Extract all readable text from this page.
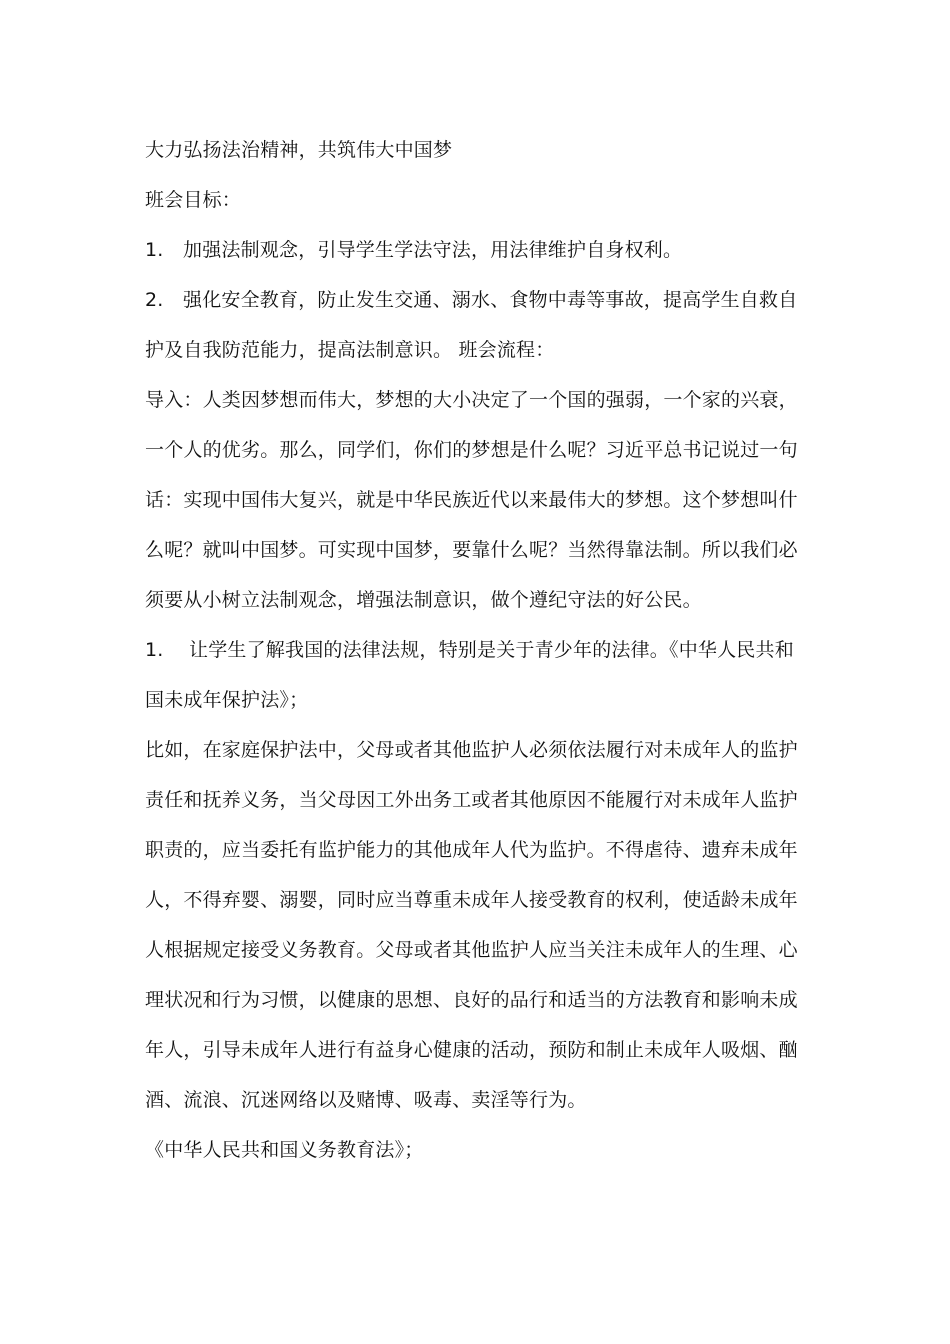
大力弘扬法治精神，共筑伟大中国梦
班会目标：
1. 加强法制观念，引导学生学法守法，用法律维护自身权利。
2. 强化安全教育，防止发生交通、溺水、食物中毒等事故，提高学生自救自
护及自我防范能力，提高法制意识。 班会流程：
导入：人类因梦想而伟大，梦想的大小决定了一个国的强弱，一个家的兴衰，
一个人的优劣。那么，同学们，你们的梦想是什么呢？习近平总书记说过一句
话：实现中国伟大复兴，就是中华民族近代以来最伟大的梦想。这个梦想叫什
么呢？就叫中国梦。可实现中国梦，要靠什么呢？当然得靠法制。所以我们必
须要从小树立法制观念，增强法制意识，做个遵纪守法的好公民。
1. 让学生了解我国的法律法规，特别是关于青少年的法律。《中华人民共和
国未成年保护法》；
比如，在家庭保护法中，父母或者其他监护人必须依法履行对未成年人的监护
责任和抚养义务，当父母因工外出务工或者其他原因不能履行对未成年人监护
职责的，应当委托有监护能力的其他成年人代为监护。不得虐待、遗弃未成年
人，不得弃婴、溺婴，同时应当尊重未成年人接受教育的权利，使适龄未成年
人根据规定接受义务教育。父母或者其他监护人应当关注未成年人的生理、心
理状况和行为习惯，以健康的思想、良好的品行和适当的方法教育和影响未成
年人，引导未成年人进行有益身心健康的活动，预防和制止未成年人吸烟、酗
酒、流浪、沉迷网络以及赌博、吸毒、卖淫等行为。
《中华人民共和国义务教育法》；
